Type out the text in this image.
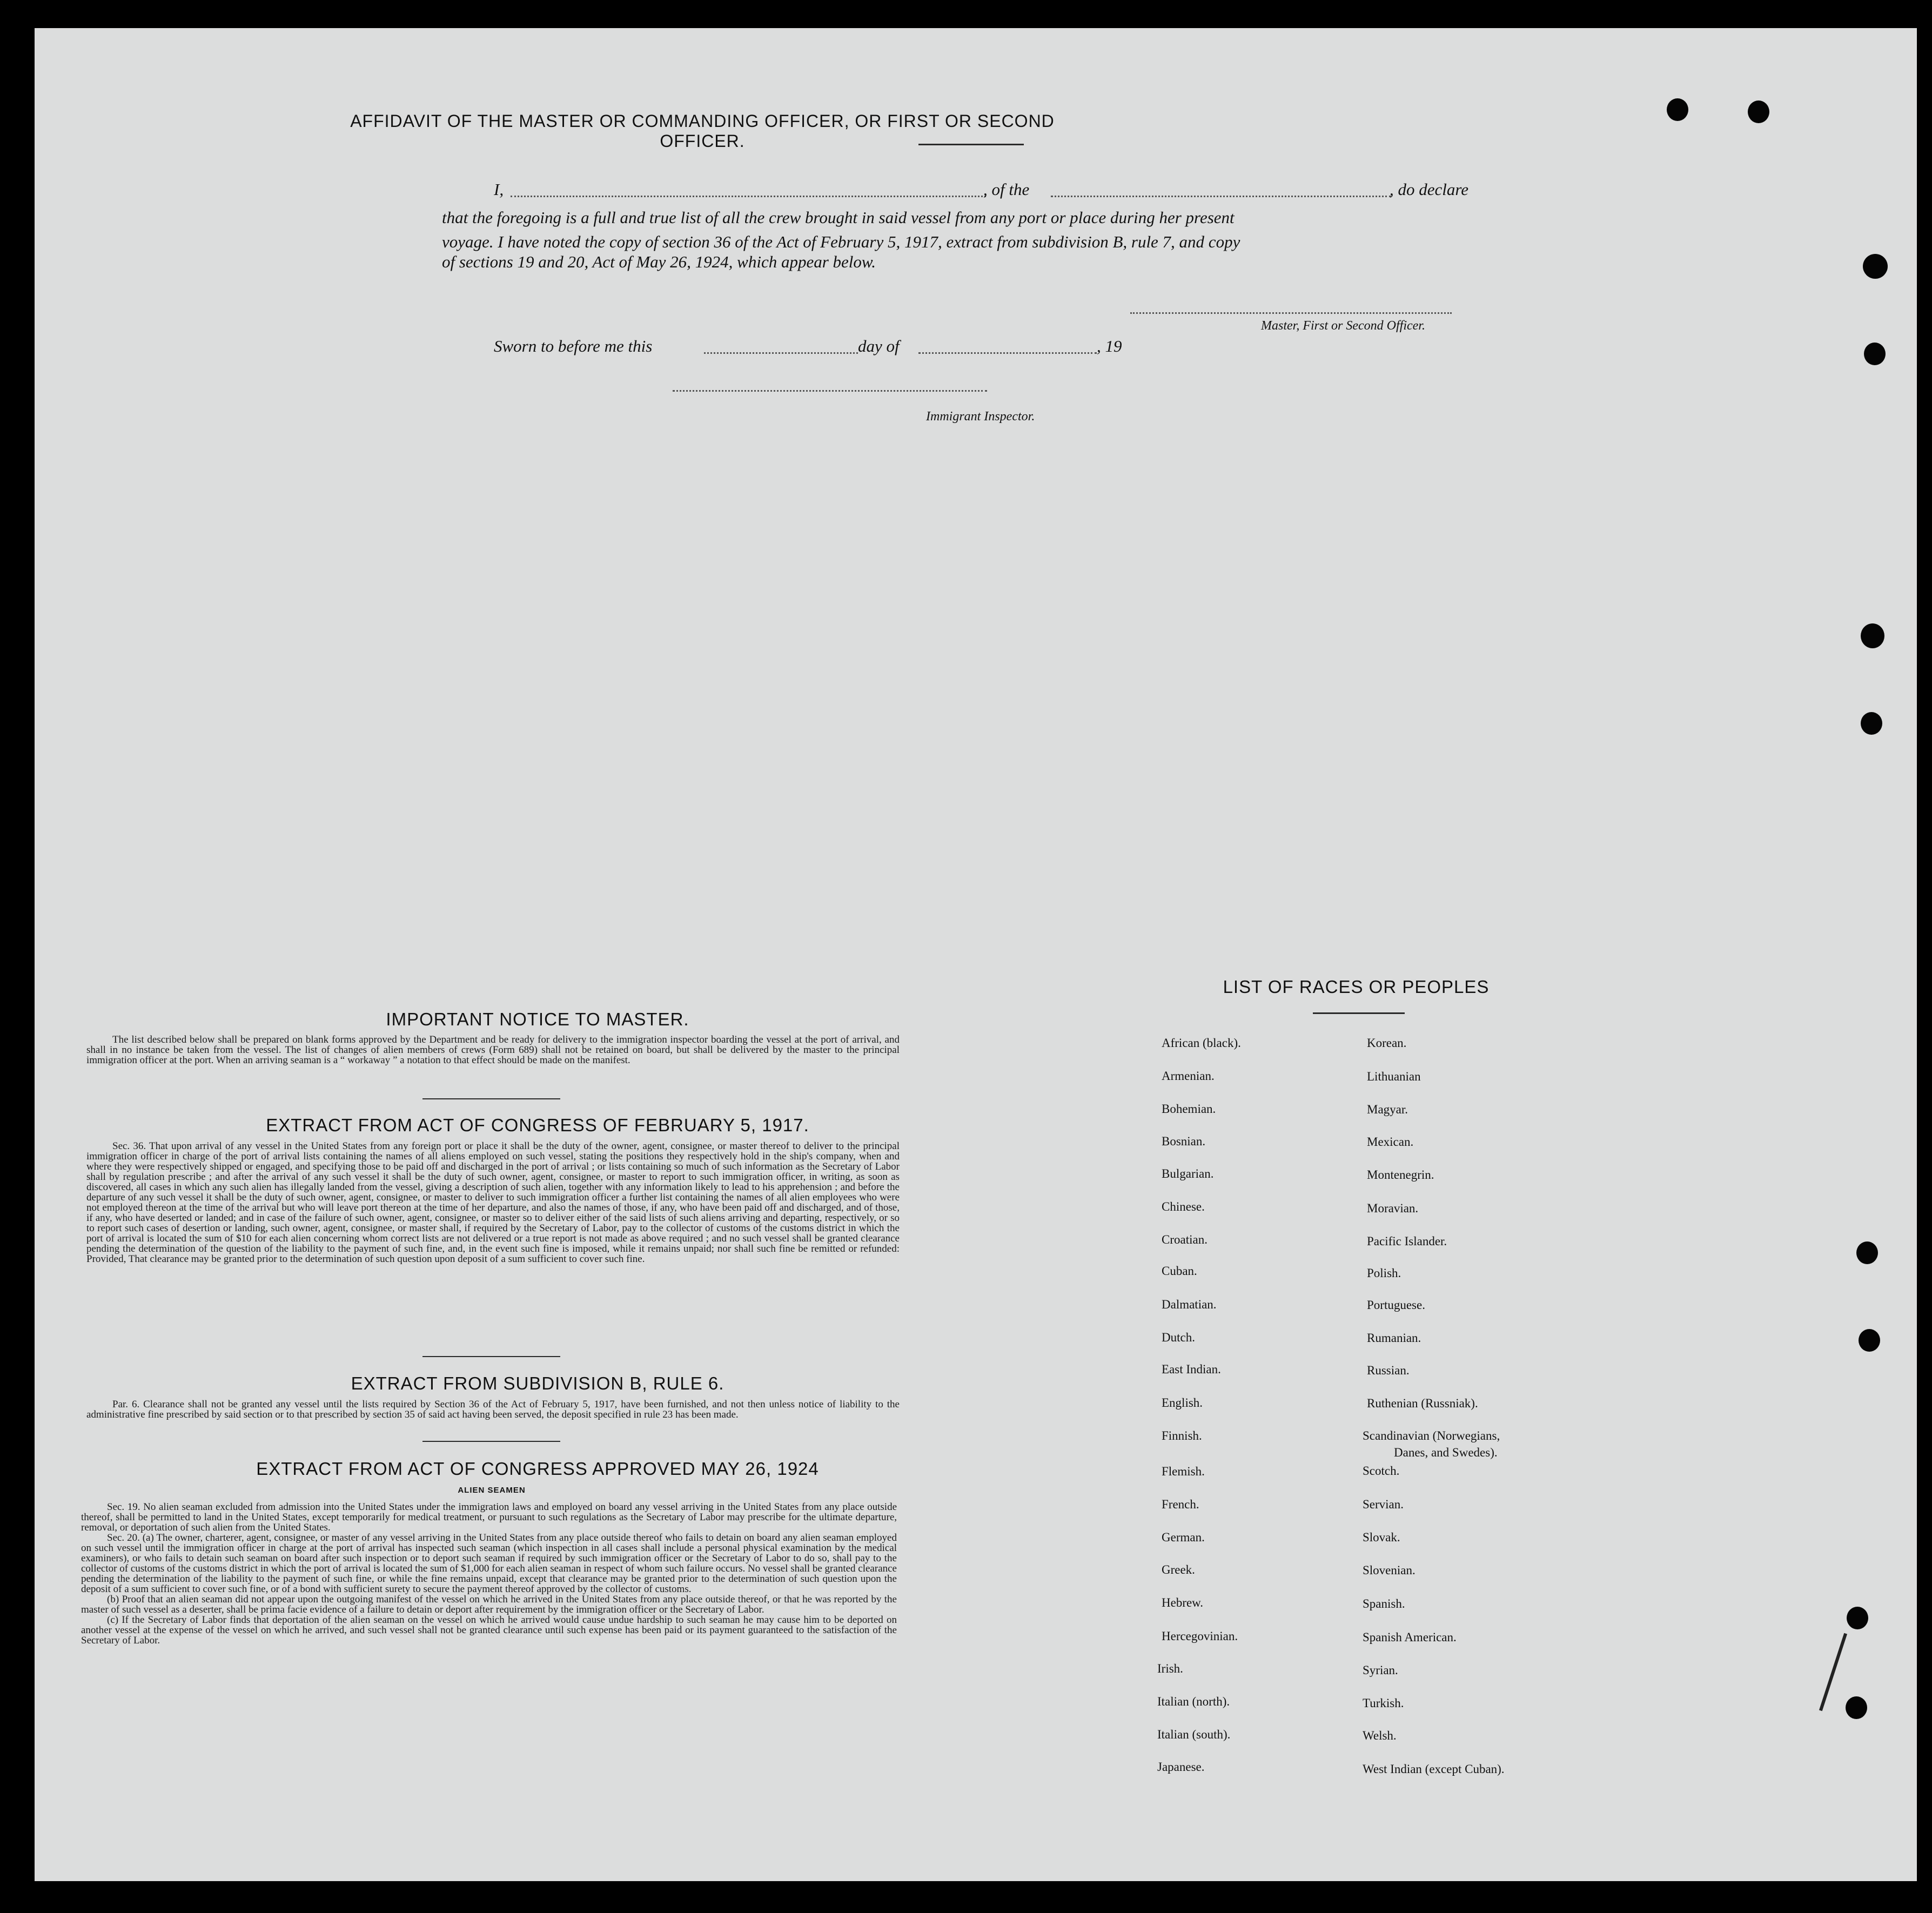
AFFIDAVIT OF THE MASTER OR COMMANDING OFFICER, OR FIRST OR SECOND OFFICER.
I,	, of the	, do declare
that the foregoing is a full and true list of all the crew brought in said vessel from any port or place during her present
voyage. I have noted the copy of section 36 of the Act of February 5, 1917, extract from subdivision B, rule 7, and copy
of sections 19 and 20, Act of May 26, 1924, which appear below.
Master, First or Second Officer.
Sworn to before me this	day of	, 19
Immigrant Inspector.
IMPORTANT NOTICE TO MASTER.

The list described below shall be prepared on blank forms approved by the Department and be ready for delivery to the immigration inspector boarding the vessel at the port of arrival, and shall in no instance be taken from the vessel. The list of changes of alien members of crews (Form 689) shall not be retained on board, but shall be delivered by the master to the principal immigration officer at the port. When an arriving seaman is a “ workaway ” a notation to that effect should be made on the manifest.

EXTRACT FROM ACT OF CONGRESS OF FEBRUARY 5, 1917.

Sec. 36. That upon arrival of any vessel in the United States from any foreign port or place it shall be the duty of the owner, agent, consignee, or master thereof to deliver to the principal immigration officer in charge of the port of arrival lists containing the names of all aliens employed on such vessel, stating the positions they respectively hold in the ship's company, when and where they were respectively shipped or engaged, and specifying those to be paid off and discharged in the port of arrival ; or lists containing so much of such information as the Secretary of Labor shall by regulation prescribe ; and after the arrival of any such vessel it shall be the duty of such owner, agent, consignee, or master to report to such immigration officer, in writing, as soon as discovered, all cases in which any such alien has illegally landed from the vessel, giving a description of such alien, together with any information likely to lead to his apprehension ; and before the departure of any such vessel it shall be the duty of such owner, agent, consignee, or master to deliver to such immigration officer a further list containing the names of all alien employees who were not employed thereon at the time of the arrival but who will leave port thereon at the time of her departure, and also the names of those, if any, who have been paid off and discharged, and of those, if any, who have deserted or landed; and in case of the failure of such owner, agent, consignee, or master so to deliver either of the said lists of such aliens arriving and departing, respectively, or so to report such cases of desertion or landing, such owner, agent, consignee, or master shall, if required by the Secretary of Labor, pay to the collector of customs of the customs district in which the port of arrival is located the sum of $10 for each alien concerning whom correct lists are not delivered or a true report is not made as above required ; and no such vessel shall be granted clearance pending the determination of the question of the liability to the payment of such fine, and, in the event such fine is imposed, while it remains unpaid; nor shall such fine be remitted or refunded: Provided, That clearance may be granted prior to the determination of such question upon deposit of a sum sufficient to cover such fine.

EXTRACT FROM SUBDIVISION B, RULE 6.

Par. 6. Clearance shall not be granted any vessel until the lists required by Section 36 of the Act of February 5, 1917, have been furnished, and not then unless notice of liability to the administrative fine prescribed by said section or to that prescribed by section 35 of said act having been served, the deposit specified in rule 23 has been made.

EXTRACT FROM ACT OF CONGRESS APPROVED MAY 26, 1924
ALIEN SEAMEN

Sec. 19. No alien seaman excluded from admission into the United States under the immigration laws and employed on board any vessel arriving in the United States from any place outside thereof, shall be permitted to land in the United States, except temporarily for medical treatment, or pursuant to such regulations as the Secretary of Labor may prescribe for the ultimate departure, removal, or deportation of such alien from the United States.

Sec. 20. (a) The owner, charterer, agent, consignee, or master of any vessel arriving in the United States from any place outside thereof who fails to detain on board any alien seaman employed on such vessel until the immigration officer in charge at the port of arrival has inspected such seaman (which inspection in all cases shall include a personal physical examination by the medical examiners), or who fails to detain such seaman on board after such inspection or to deport such seaman if required by such immigration officer or the Secretary of Labor to do so, shall pay to the collector of customs of the customs district in which the port of arrival is located the sum of $1,000 for each alien seaman in respect of whom such failure occurs. No vessel shall be granted clearance pending the determination of the liability to the payment of such fine, or while the fine remains unpaid, except that clearance may be granted prior to the determination of such question upon the deposit of a sum sufficient to cover such fine, or of a bond with sufficient surety to secure the payment thereof approved by the collector of customs.

(b) Proof that an alien seaman did not appear upon the outgoing manifest of the vessel on which he arrived in the United States from any place outside thereof, or that he was reported by the master of such vessel as a deserter, shall be prima facie evidence of a failure to detain or deport after requirement by the immigration officer or the Secretary of Labor.

(c) If the Secretary of Labor finds that deportation of the alien seaman on the vessel on which he arrived would cause undue hardship to such seaman he may cause him to be deported on another vessel at the expense of the vessel on which he arrived, and such vessel shall not be granted clearance until such expense has been paid or its payment guaranteed to the satisfaction of the Secretary of Labor.

LIST OF RACES OR PEOPLES
African (black).
Armenian.
Bohemian.
Bosnian.
Bulgarian.
Chinese.
Croatian.
Cuban.
Dalmatian.
Dutch.
East Indian.
English.
Finnish.
Flemish.
French.
German.
Greek.
Hebrew.
Hercegovinian.
Irish.
Italian (north).
Italian (south).
Japanese.
Korean.
Lithuanian
Magyar.
Mexican.
Montenegrin.
Moravian.
Pacific Islander.
Polish.
Portuguese.
Rumanian.
Russian.
Ruthenian (Russniak).
Scandinavian (Norwegians,
Danes, and Swedes).
Scotch.
Servian.
Slovak.
Slovenian.
Spanish.
Spanish American.
Syrian.
Turkish.
Welsh.
West Indian (except Cuban).
